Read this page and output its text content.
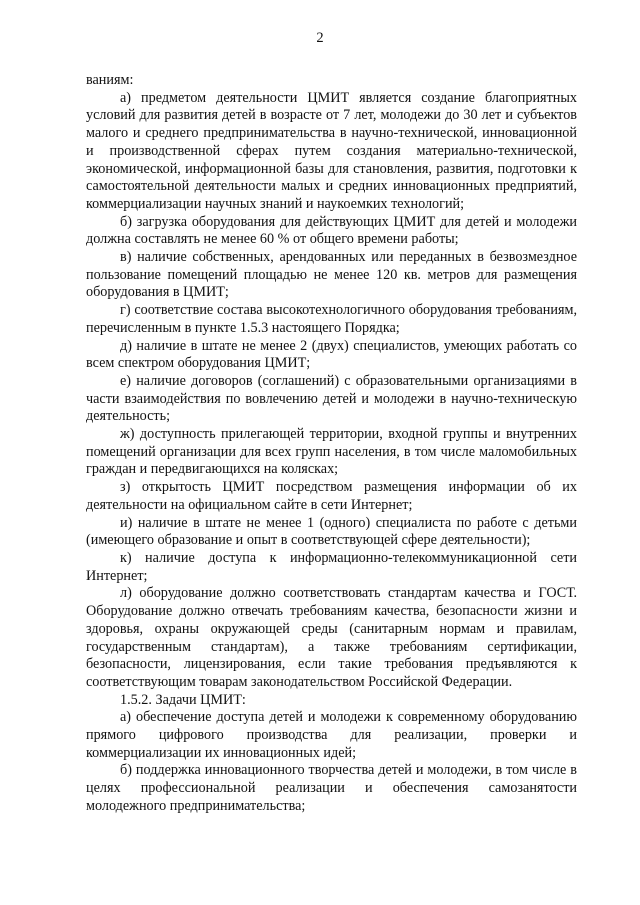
2

ваниям:

а) предметом деятельности ЦМИТ является создание благоприятных условий для развития детей в возрасте от 7 лет, молодежи до 30 лет и субъектов малого и среднего предпринимательства в научно-технической, инновационной и производственной сферах путем создания материально-технической, экономической, информационной базы для становления, развития, подготовки к самостоятельной деятельности малых и средних инновационных предприятий, коммерциализации научных знаний и наукоемких технологий;

б) загрузка оборудования для действующих ЦМИТ для детей и молодежи должна составлять не менее 60 % от общего времени работы;

в) наличие собственных, арендованных или переданных в безвозмездное пользование помещений площадью не менее 120 кв. метров для размещения оборудования в ЦМИТ;

г) соответствие состава высокотехнологичного оборудования требованиям, перечисленным в пункте 1.5.3 настоящего Порядка;

д) наличие в штате не менее 2 (двух) специалистов, умеющих работать со всем спектром оборудования ЦМИТ;

е) наличие договоров (соглашений) с образовательными организациями в части взаимодействия по вовлечению детей и молодежи в научно-техническую деятельность;

ж) доступность прилегающей территории, входной группы и внутренних помещений организации для всех групп населения, в том числе маломобильных граждан и передвигающихся на колясках;

з) открытость ЦМИТ посредством размещения информации об их деятельности на официальном сайте в сети Интернет;

и) наличие в штате не менее 1 (одного) специалиста по работе с детьми (имеющего образование и опыт в соответствующей сфере деятельности);

к) наличие доступа к информационно-телекоммуникационной сети Интернет;

л) оборудование должно соответствовать стандартам качества и ГОСТ. Оборудование должно отвечать требованиям качества, безопасности жизни и здоровья, охраны окружающей среды (санитарным нормам и правилам, государственным стандартам), а также требованиям сертификации, безопасности, лицензирования, если такие требования предъявляются к соответствующим товарам законодательством Российской Федерации.

1.5.2. Задачи ЦМИТ:

а) обеспечение доступа детей и молодежи к современному оборудованию прямого цифрового производства для реализации, проверки и коммерциализации их инновационных идей;

б) поддержка инновационного творчества детей и молодежи, в том числе в целях профессиональной реализации и обеспечения самозанятости молодежного предпринимательства;
